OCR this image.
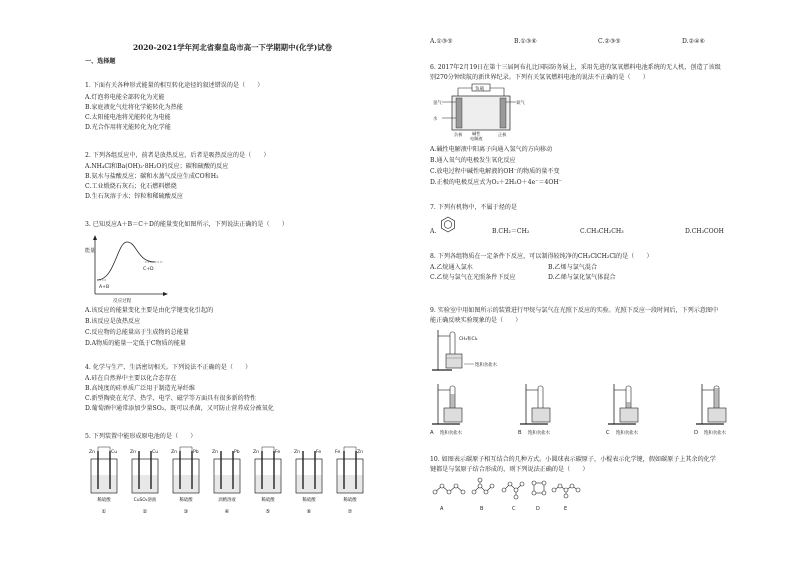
2020-2021学年河北省秦皇岛市高一下学期期中(化学)试卷
一、选择题
1. 下面有关各种形式能量的相互转化途径的叙述错误的是（　　）
A.灯泡将电能全部转化为光能
B.家庭液化气灶将化学能转化为热能
C.太阳能电池将光能转化为电能
D.光合作用将光能转化为化学能
2. 下列各组反应中，前者是放热反应，后者是吸热反应的是（　　）
A.NH₄Cl和Ba(OH)₂·8H₂O的反应；碳和硫酸的反应
B.氨水与盐酸反应；碳和水蒸气反应生成CO和H₂
C.工业煅烧石灰石；化石燃料燃烧
D.生石灰溶于水；锌粒和稀硫酸反应
3. 已知反应A＋B＝C＋D的能量变化如图所示，下列说法正确的是（　　）
能量
A+B
C+D
反应过程
A.该反应的能量变化主要是由化学键变化引起的
B.该反应是放热反应
C.反应物的总能量高于生成物的总能量
D.A物质的能量一定低于C物质的能量
4. 化学与生产、生活密切相关。下列说法不正确的是（　　）
A.硅在自然界中主要以化合态存在
B.高纯度的硅单质广泛用于制造光导纤维
C.新型陶瓷在光学、热学、电学、磁学等方面具有很多新的特性
D.葡萄酒中通常添加少量SO₂，既可以杀菌，又可防止营养成分被氧化
5. 下列装置中能形成原电池的是（　　）
Zn	Cu
稀硫酸
①
Zn	Cu
CuSO₄溶液
②
Zn	Pb
稀硫酸
③
Zn	Pb
酒精溶液
④
Zn	Fe
稀硫酸
⑤
Zn	Fe
稀硫酸
⑥
Fe	Zn
稀硫酸
⑦
A.①③⑤	B.①③⑥	C.②③⑤	D.②④⑥
6. 2017年2月19日在第十三届阿布扎比国际防务展上，采用先进的氢氧燃料电池系统的无人机，创造了该级
别270分钟续航的新世界纪录。下列有关氢氧燃料电池的说法不正确的是（　　）
负载
氢气
水
氧气
负极 碱性
电解液
正极
A.碱性电解液中阳离子向通入氢气的方向移动
B.通入氧气的电极发生氧化反应
C.放电过程中碱性电解液的OH⁻的物质的量不变
D.正极的电极反应式为O₂＋2H₂O＋4e⁻＝4OH⁻
7. 下列有机物中，不属于烃的是
A.	B.CH₂＝CH₂	C.CH₃CH₂CH₃	D.CH₃COOH
8. 下列各组物质在一定条件下反应，可以制得较纯净的CH₃ClCH₂Cl的是（　　）
A.乙烷通入氯水	B.乙烯与氯气混合
C.乙烷与氯气在光照条件下反应	D.乙烯与氯化氢气体混合
9. 实验室中用如图所示的装置进行甲烷与氯气在光照下反应的实验。光照下反应一段时间后，下列示意图中
能正确反映实验现象的是（　　）
CH₄和Cl₂
饱和食盐水
A 饱和食盐水	B 饱和食盐水	C 饱和食盐水	D 饱和食盐水
10. 如图表示碳原子相互结合的几种方式。小圆球表示碳原子，小棍表示化学键，假如碳原子上其余的化学
键都是与氢原子结合形成的，则下列说法正确的是（　　）
A	B	C	D	E
